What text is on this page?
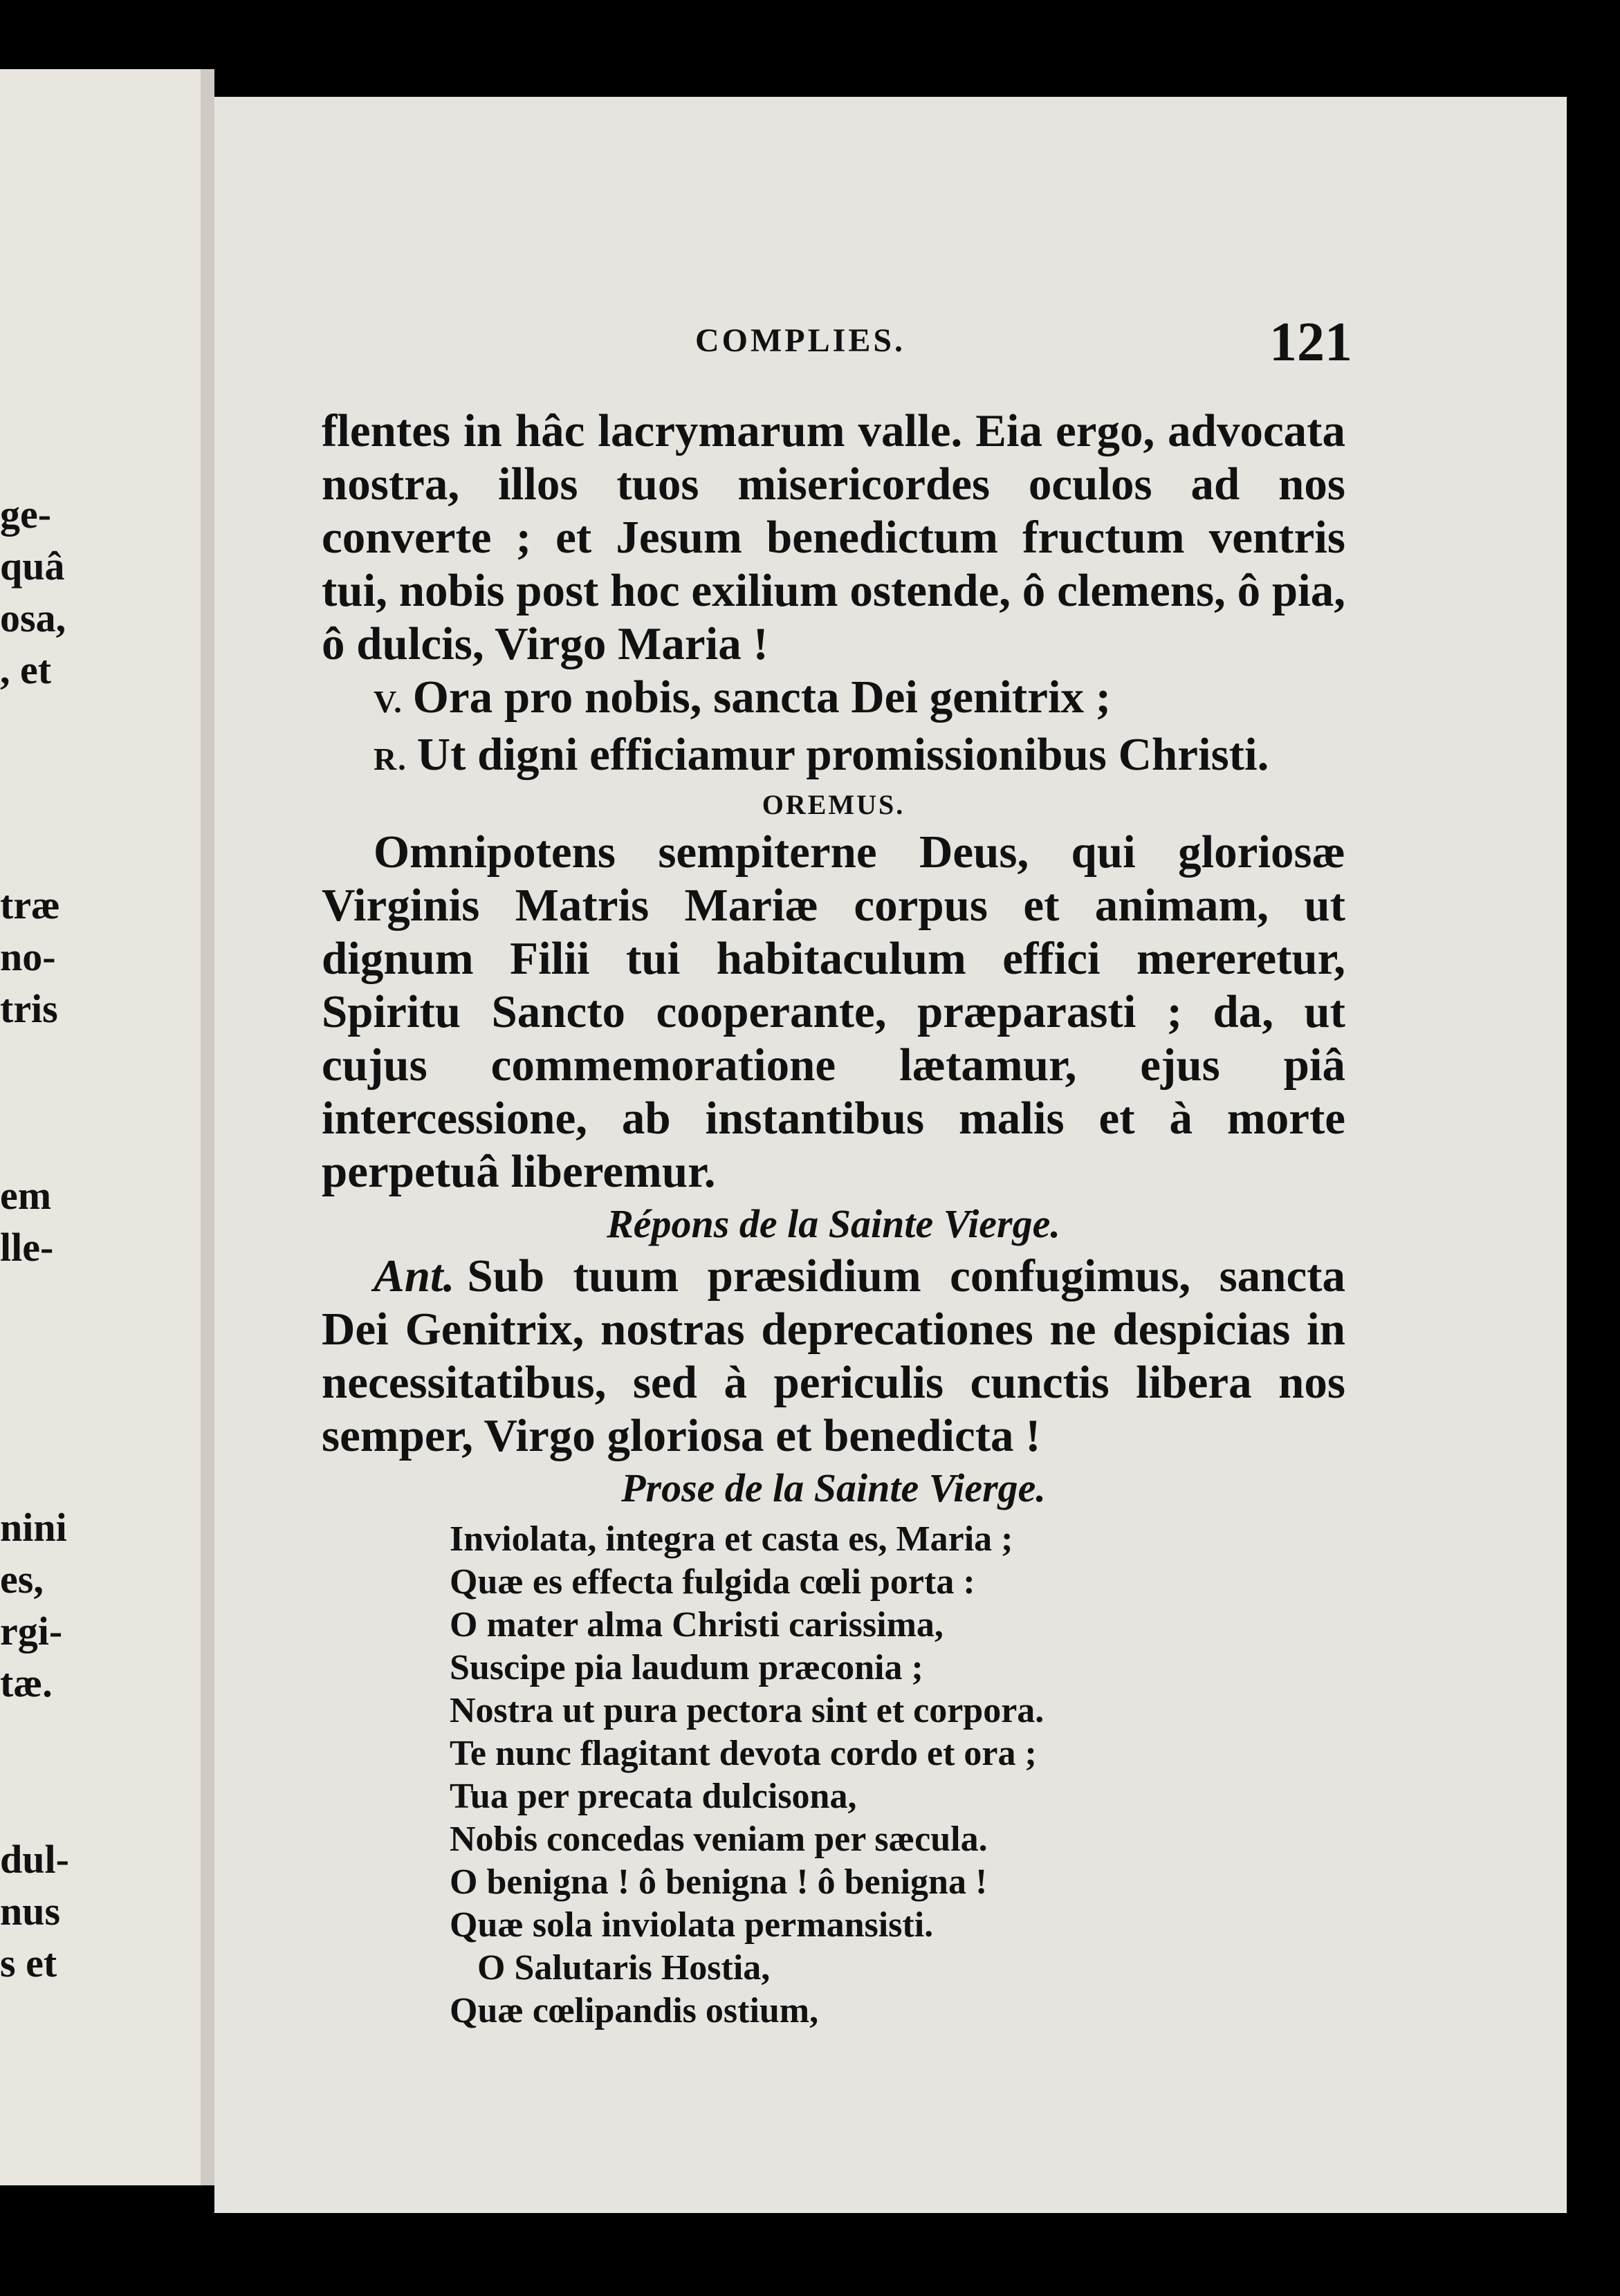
ge-
quâ
osa,
, et
træ
no-
tris
em
lle-
nini
es,
rgi-
tæ.
dul-
nus
s et
COMPLIES.	121

flentes in hâc lacrymarum valle. Eia ergo, advocata nostra, illos tuos misericordes oculos ad nos converte ; et Jesum benedictum fructum ventris tui, nobis post hoc exilium ostende, ô clemens, ô pia, ô dulcis, Virgo Maria !

V. Ora pro nobis, sancta Dei genitrix ;

R. Ut digni efficiamur promissionibus Christi.

OREMUS.

Omnipotens sempiterne Deus, qui gloriosæ Virginis Matris Mariæ corpus et animam, ut dignum Filii tui habitaculum effici mereretur, Spiritu Sancto cooperante, præparasti ; da, ut cujus commemoratione lætamur, ejus piâ intercessione, ab instantibus malis et à morte perpetuâ liberemur.

Répons de la Sainte Vierge.

Ant. Sub tuum præsidium confugimus, sancta Dei Genitrix, nostras deprecationes ne despicias in necessitatibus, sed à periculis cunctis libera nos semper, Virgo gloriosa et benedicta !

Prose de la Sainte Vierge.

Inviolata, integra et casta es, Maria ;
Quæ es effecta fulgida cœli porta :
O mater alma Christi carissima,
Suscipe pia laudum præconia ;
Nostra ut pura pectora sint et corpora.
Te nunc flagitant devota cordo et ora ;
Tua per precata dulcisona,
Nobis concedas veniam per sæcula.
O benigna ! ô benigna ! ô benigna !
Quæ sola inviolata permansisti.
O Salutaris Hostia,
Quæ cœlipandis ostium,
